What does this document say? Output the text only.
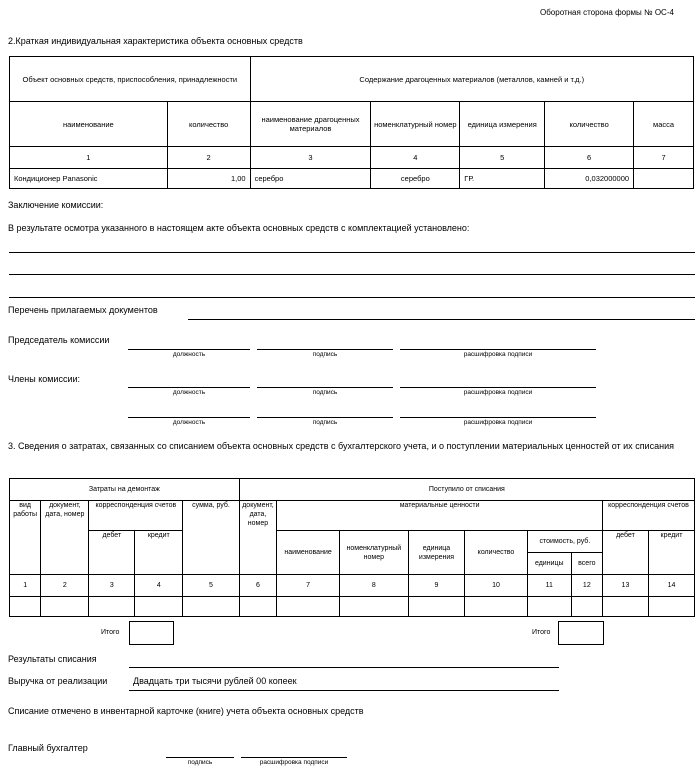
Оборотная сторона формы № ОС-4
2.Краткая индивидуальная характеристика объекта основных средств
Объект основных средств, приспособления, принадлежности		Содержание драгоценных материалов (металлов, камней и т.д.)				
наименование	количество	наименование драгоценных материалов	номенклатурный номер	единица измерения	количество	масса
1	2	3	4	5	6	7
Кондиционер Panasonic	1,00	серебро	серебро	ГР.	0,032000000	
Заключение комиссии:
В результате осмотра указанного в настоящем акте объекта основных средств с комплектацией установлено:
Перечень прилагаемых документов
Председатель комиссии
должность	подпись	расшифровка подписи
Члены комиссии:
должность	подпись	расшифровка подписи
должность	подпись	расшифровка подписи
3. Сведения о затратах, связанных со списанием объекта основных средств с бухгалтерского учета, и о поступлении материальных ценностей от их списания
Затраты на демонтаж					Поступило от списания								
вид работы	документ, дата, номер	корреспонденция счетов		сумма, руб.	документ, дата, номер	материальные ценности						корреспонденция счетов	
		дебет	кредит			наименование	номенклатурный номер	единица измерения	количество	стоимость, руб.		дебет	кредит
										единицы	всего		
1	2	3	4	5	6	7	8	9	10	11	12	13	14

Итого	Итого
Результаты списания
Выручка от реализации	Двадцать три тысячи рублей 00 копеек
Списание отмечено в инвентарной карточке (книге) учета объекта основных средств
Главный бухгалтер
подпись	расшифровка подписи
